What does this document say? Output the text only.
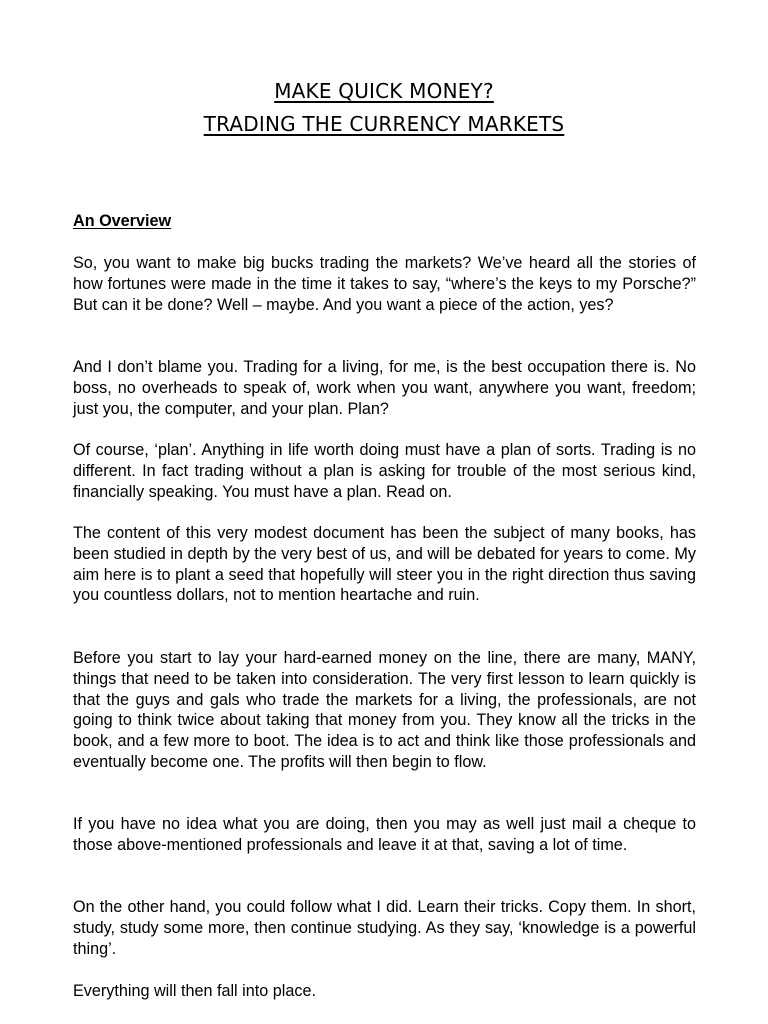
MAKE QUICK MONEY?
TRADING THE CURRENCY MARKETS
An Overview

So, you want to make big bucks trading the markets? We’ve heard all the stories of how fortunes were made in the time it takes to say, “where’s the keys to my Porsche?” But can it be done? Well – maybe. And you want a piece of the action, yes?

And I don’t blame you. Trading for a living, for me, is the best occupation there is. No boss, no overheads to speak of, work when you want, anywhere you want, freedom; just you, the computer, and your plan. Plan?

Of course, ‘plan’. Anything in life worth doing must have a plan of sorts. Trading is no different. In fact trading without a plan is asking for trouble of the most serious kind, financially speaking. You must have a plan. Read on.

The content of this very modest document has been the subject of many books, has been studied in depth by the very best of us, and will be debated for years to come. My aim here is to plant a seed that hopefully will steer you in the right direction thus saving you countless dollars, not to mention heartache and ruin.

Before you start to lay your hard-earned money on the line, there are many, MANY, things that need to be taken into consideration. The very first lesson to learn quickly is that the guys and gals who trade the markets for a living, the professionals, are not going to think twice about taking that money from you. They know all the tricks in the book, and a few more to boot. The idea is to act and think like those professionals and eventually become one. The profits will then begin to flow.

If you have no idea what you are doing, then you may as well just mail a cheque to those above-mentioned professionals and leave it at that, saving a lot of time.

On the other hand, you could follow what I did. Learn their tricks. Copy them. In short, study, study some more, then continue studying. As they say, ‘knowledge is a powerful thing’.

Everything will then fall into place.
